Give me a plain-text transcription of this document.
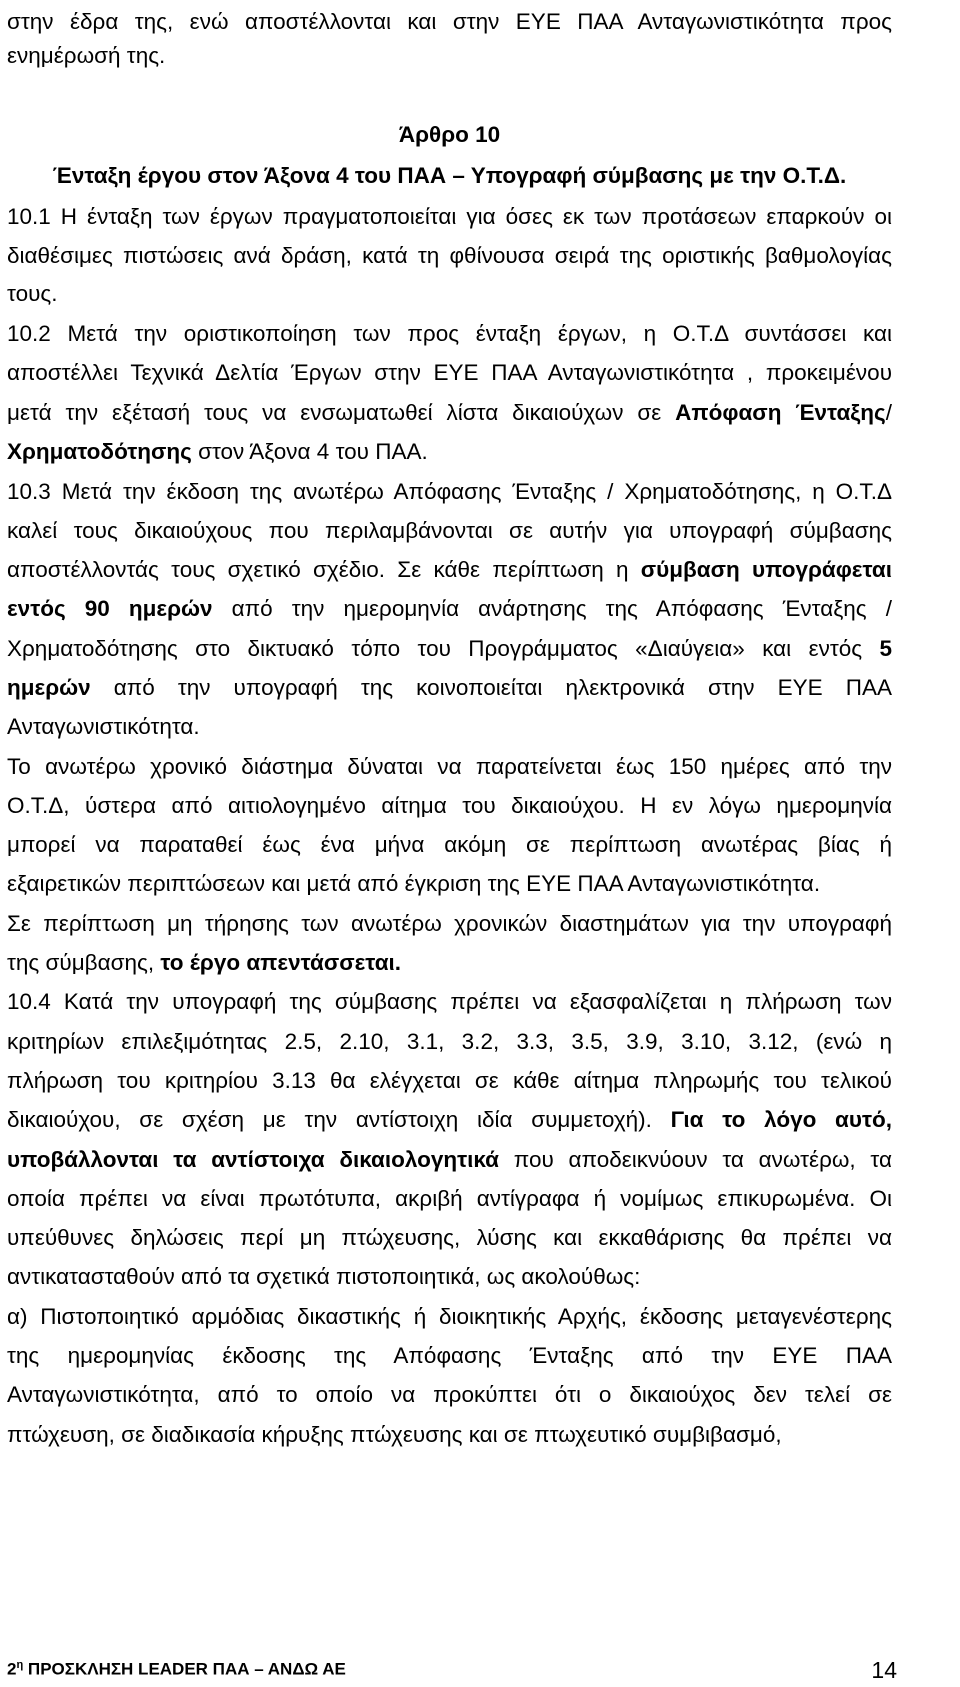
στην έδρα της, ενώ αποστέλλονται και στην ΕΥΕ ΠΑΑ Ανταγωνιστικότητα προς
ενημέρωσή της.
Άρθρο 10
Ένταξη έργου στον Άξονα 4 του ΠΑΑ – Υπογραφή σύμβασης με την Ο.Τ.Δ.
10.1 Η ένταξη των έργων πραγματοποιείται για όσες εκ των προτάσεων επαρκούν οι
διαθέσιμες πιστώσεις ανά δράση, κατά τη φθίνουσα σειρά της οριστικής βαθμολογίας
τους.
10.2 Μετά την οριστικοποίηση των προς ένταξη έργων, η Ο.Τ.Δ συντάσσει και
αποστέλλει Τεχνικά Δελτία Έργων στην ΕΥΕ ΠΑΑ Ανταγωνιστικότητα , προκειμένου
μετά την εξέτασή τους να ενσωματωθεί λίστα δικαιούχων σε Απόφαση Ένταξης/
Χρηματοδότησης στον Άξονα 4 του ΠΑΑ.
10.3 Μετά την έκδοση της ανωτέρω Απόφασης Ένταξης / Χρηματοδότησης, η Ο.Τ.Δ
καλεί τους δικαιούχους που περιλαμβάνονται σε αυτήν για υπογραφή σύμβασης
αποστέλλοντάς τους σχετικό σχέδιο. Σε κάθε περίπτωση η σύμβαση υπογράφεται
εντός 90 ημερών από την ημερομηνία ανάρτησης της Απόφασης Ένταξης /
Χρηματοδότησης στο δικτυακό τόπο του Προγράμματος «Διαύγεια» και εντός 5
ημερών από την υπογραφή της κοινοποιείται ηλεκτρονικά στην ΕΥΕ ΠΑΑ
Ανταγωνιστικότητα.
Το ανωτέρω χρονικό διάστημα δύναται να παρατείνεται έως 150 ημέρες από την
Ο.Τ.Δ, ύστερα από αιτιολογημένο αίτημα του δικαιούχου. Η εν λόγω ημερομηνία
μπορεί να παραταθεί έως ένα μήνα ακόμη σε περίπτωση ανωτέρας βίας ή
εξαιρετικών περιπτώσεων και μετά από έγκριση της ΕΥΕ ΠΑΑ Ανταγωνιστικότητα.
Σε περίπτωση μη τήρησης των ανωτέρω χρονικών διαστημάτων για την υπογραφή
της σύμβασης, το έργο απεντάσσεται.
10.4 Κατά την υπογραφή της σύμβασης πρέπει να εξασφαλίζεται η πλήρωση των
κριτηρίων επιλεξιμότητας 2.5, 2.10, 3.1, 3.2, 3.3, 3.5, 3.9, 3.10, 3.12, (ενώ η
πλήρωση του κριτηρίου 3.13 θα ελέγχεται σε κάθε αίτημα πληρωμής του τελικού
δικαιούχου, σε σχέση με την αντίστοιχη ιδία συμμετοχή). Για το λόγο αυτό,
υποβάλλονται τα αντίστοιχα δικαιολογητικά που αποδεικνύουν τα ανωτέρω, τα
οποία πρέπει να είναι πρωτότυπα, ακριβή αντίγραφα ή νομίμως επικυρωμένα. Οι
υπεύθυνες δηλώσεις περί μη πτώχευσης, λύσης και εκκαθάρισης θα πρέπει να
αντικατασταθούν από τα σχετικά πιστοποιητικά, ως ακολούθως:
α) Πιστοποιητικό αρμόδιας δικαστικής ή διοικητικής Αρχής, έκδοσης μεταγενέστερης
της ημερομηνίας έκδοσης της Απόφασης Ένταξης από την ΕΥΕ ΠΑΑ
Ανταγωνιστικότητα, από το οποίο να προκύπτει ότι ο δικαιούχος δεν τελεί σε
πτώχευση, σε διαδικασία κήρυξης πτώχευσης και σε πτωχευτικό συμβιβασμό,
$2^\eta$ ΠΡΟΣΚΛΗΣΗ LEADER ΠΑΑ – ΑΝΔΩ ΑΕ	14
